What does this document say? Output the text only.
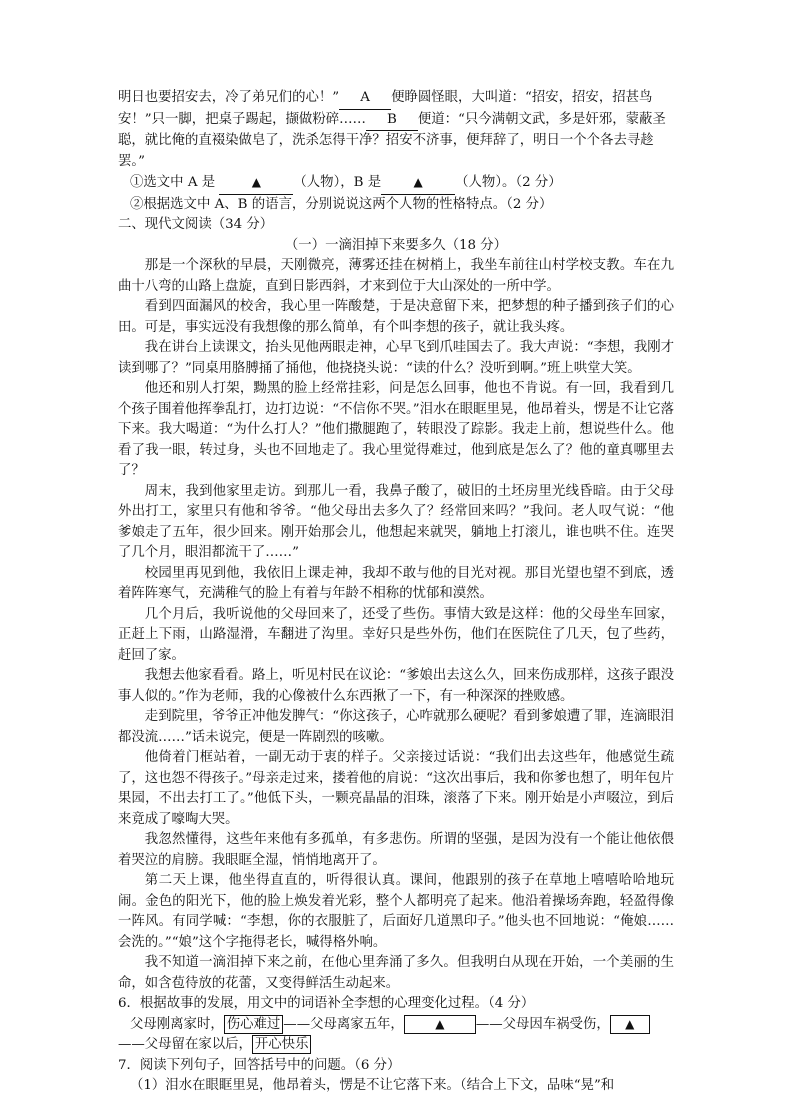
明日也要招安去，冷了弟兄们的心！” A 便睁圆怪眼，大叫道：“招安，招安，招甚鸟安！”只一脚，把桌子踢起，撷做粉碎…… B 便道：“只今满朝文武，多是奸邪，蒙蔽圣聪，就比俺的直裰染做皂了，洗杀怎得干净？招安不济事，便拜辞了，明日一个个各去寻趁罢。”

①选文中 A 是	▲ （人物），B 是	▲ （人物）。（2 分）

②根据选文中 A、B 的语言，分别说说这两个人物的性格特点。（2 分）

二、现代文阅读（34 分）

（一）一滴泪掉下来要多久（18 分）

那是一个深秋的早晨，天刚微亮，薄雾还挂在树梢上，我坐车前往山村学校支教。车在九曲十八弯的山路上盘旋，直到日影西斜，才来到位于大山深处的一所中学。

看到四面漏风的校舍，我心里一阵酸楚，于是决意留下来，把梦想的种子播到孩子们的心田。可是，事实远没有我想像的那么简单，有个叫李想的孩子，就让我头疼。

我在讲台上读课文，抬头见他两眼走神，心早飞到爪哇国去了。我大声说：“李想，我刚才读到哪了？”同桌用胳膊捅了捅他，他挠挠头说：“读的什么？没听到啊。”班上哄堂大笑。

他还和别人打架，黝黑的脸上经常挂彩，问是怎么回事，他也不肯说。有一回，我看到几个孩子围着他挥拳乱打，边打边说：“不信你不哭。”泪水在眼眶里晃，他昂着头，愣是不让它落下来。我大喝道：“为什么打人？”他们撒腿跑了，转眼没了踪影。我走上前，想说些什么。他看了我一眼，转过身，头也不回地走了。我心里觉得难过，他到底是怎么了？他的童真哪里去了？

周末，我到他家里走访。到那儿一看，我鼻子酸了，破旧的土坯房里光线昏暗。由于父母外出打工，家里只有他和爷爷。“他父母出去多久了？经常回来吗？”我问。老人叹气说：“他爹娘走了五年，很少回来。刚开始那会儿，他想起来就哭，躺地上打滚儿，谁也哄不住。连哭了几个月，眼泪都流干了……”

校园里再见到他，我依旧上课走神，我却不敢与他的目光对视。那目光望也望不到底，透着阵阵寒气，充满稚气的脸上有着与年龄不相称的忧郁和漠然。

几个月后，我听说他的父母回来了，还受了些伤。事情大致是这样：他的父母坐车回家，正赶上下雨，山路湿滑，车翻进了沟里。幸好只是些外伤，他们在医院住了几天，包了些药，赶回了家。

我想去他家看看。路上，听见村民在议论：“爹娘出去这么久，回来伤成那样，这孩子跟没事人似的。”作为老师，我的心像被什么东西揪了一下，有一种深深的挫败感。

走到院里，爷爷正冲他发脾气：“你这孩子，心咋就那么硬呢？看到爹娘遭了罪，连滴眼泪都没流……”话未说完，便是一阵剧烈的咳嗽。

他倚着门框站着，一副无动于衷的样子。父亲接过话说：“我们出去这些年，他感觉生疏了，这也怨不得孩子。”母亲走过来，搂着他的肩说：“这次出事后，我和你爹也想了，明年包片果园，不出去打工了。”他低下头，一颗亮晶晶的泪珠，滚落了下来。刚开始是小声啜泣，到后来竟成了嚎啕大哭。

我忽然懂得，这些年来他有多孤单，有多悲伤。所谓的坚强，是因为没有一个能让他依偎着哭泣的肩膀。我眼眶全湿，悄悄地离开了。

第二天上课，他坐得直直的，听得很认真。课间，他跟别的孩子在草地上嘻嘻哈哈地玩闹。金色的阳光下，他的脸上焕发着光彩，整个人都明亮了起来。他沿着操场奔跑，轻盈得像一阵风。有同学喊：“李想，你的衣服脏了，后面好几道黑印子。”他头也不回地说：“俺娘……会洗的。”“娘”这个字拖得老长，喊得格外响。

我不知道一滴泪掉下来之前，在他心里奔涌了多久。但我明白从现在开始，一个美丽的生命，如含苞待放的花蕾，又变得鲜活生动起来。

6．根据故事的发展，用文中的词语补全李想的心理变化过程。（4 分）

父母刚离家时， 伤心难过 ——父母离家五年，	▲ ——父母因车祸受伤， ▲

——父母留在家以后， 开心快乐

7．阅读下列句子，回答括号中的问题。（6 分）

（1）泪水在眼眶里晃，他昂着头，愣是不让它落下来。（结合上下文，品味“晃”和
